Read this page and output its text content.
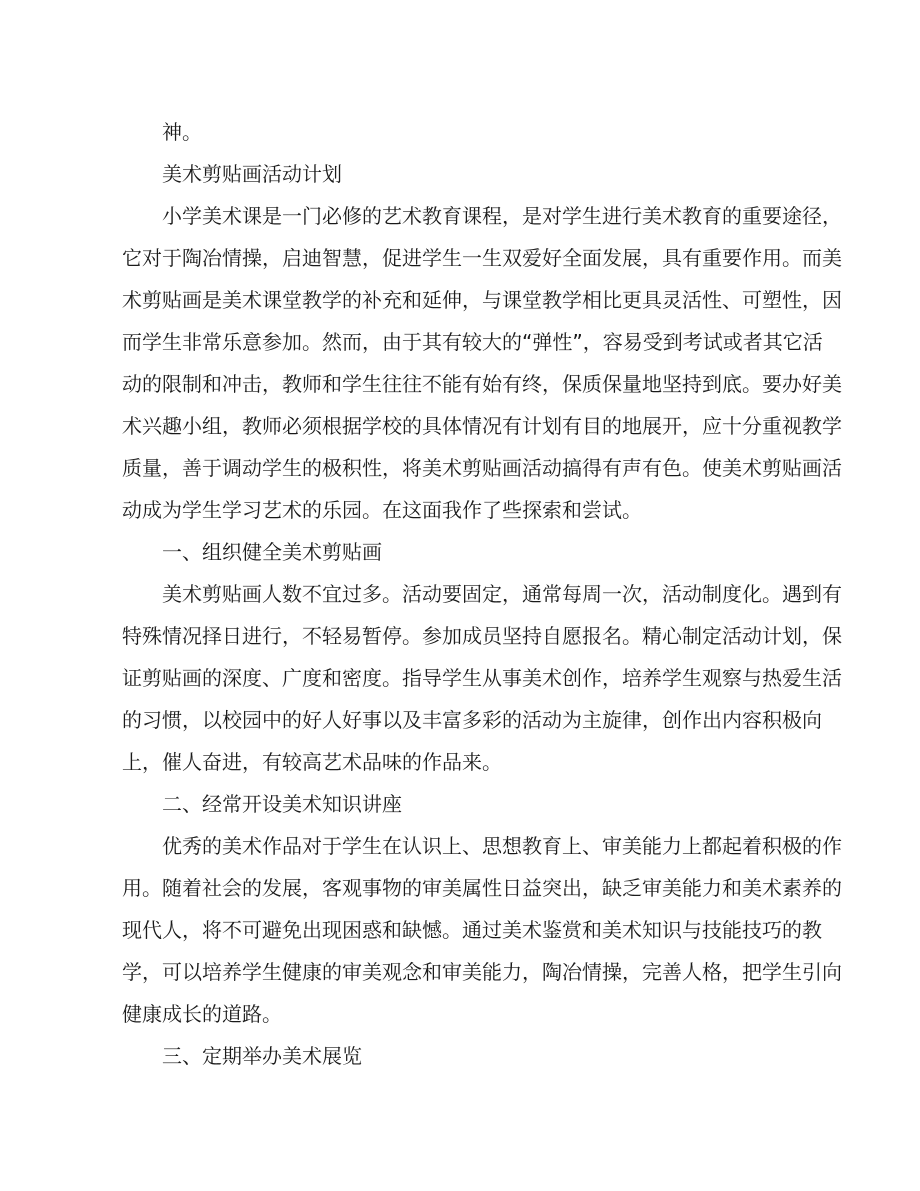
神。
美术剪贴画活动计划
小学美术课是一门必修的艺术教育课程，是对学生进行美术教育的重要途径，
它对于陶冶情操，启迪智慧，促进学生一生双爱好全面发展，具有重要作用。而美
术剪贴画是美术课堂教学的补充和延伸，与课堂教学相比更具灵活性、可塑性，因
而学生非常乐意参加。然而，由于其有较大的“弹性”，容易受到考试或者其它活
动的限制和冲击，教师和学生往往不能有始有终，保质保量地坚持到底。要办好美
术兴趣小组，教师必须根据学校的具体情况有计划有目的地展开，应十分重视教学
质量，善于调动学生的极积性，将美术剪贴画活动搞得有声有色。使美术剪贴画活
动成为学生学习艺术的乐园。在这面我作了些探索和尝试。
一、组织健全美术剪贴画
美术剪贴画人数不宜过多。活动要固定，通常每周一次，活动制度化。遇到有
特殊情况择日进行，不轻易暂停。参加成员坚持自愿报名。精心制定活动计划，保
证剪贴画的深度、广度和密度。指导学生从事美术创作，培养学生观察与热爱生活
的习惯，以校园中的好人好事以及丰富多彩的活动为主旋律，创作出内容积极向
上，催人奋进，有较高艺术品味的作品来。
二、经常开设美术知识讲座
优秀的美术作品对于学生在认识上、思想教育上、审美能力上都起着积极的作
用。随着社会的发展，客观事物的审美属性日益突出，缺乏审美能力和美术素养的
现代人，将不可避免出现困惑和缺憾。通过美术鉴赏和美术知识与技能技巧的教
学，可以培养学生健康的审美观念和审美能力，陶冶情操，完善人格，把学生引向
健康成长的道路。
三、定期举办美术展览
